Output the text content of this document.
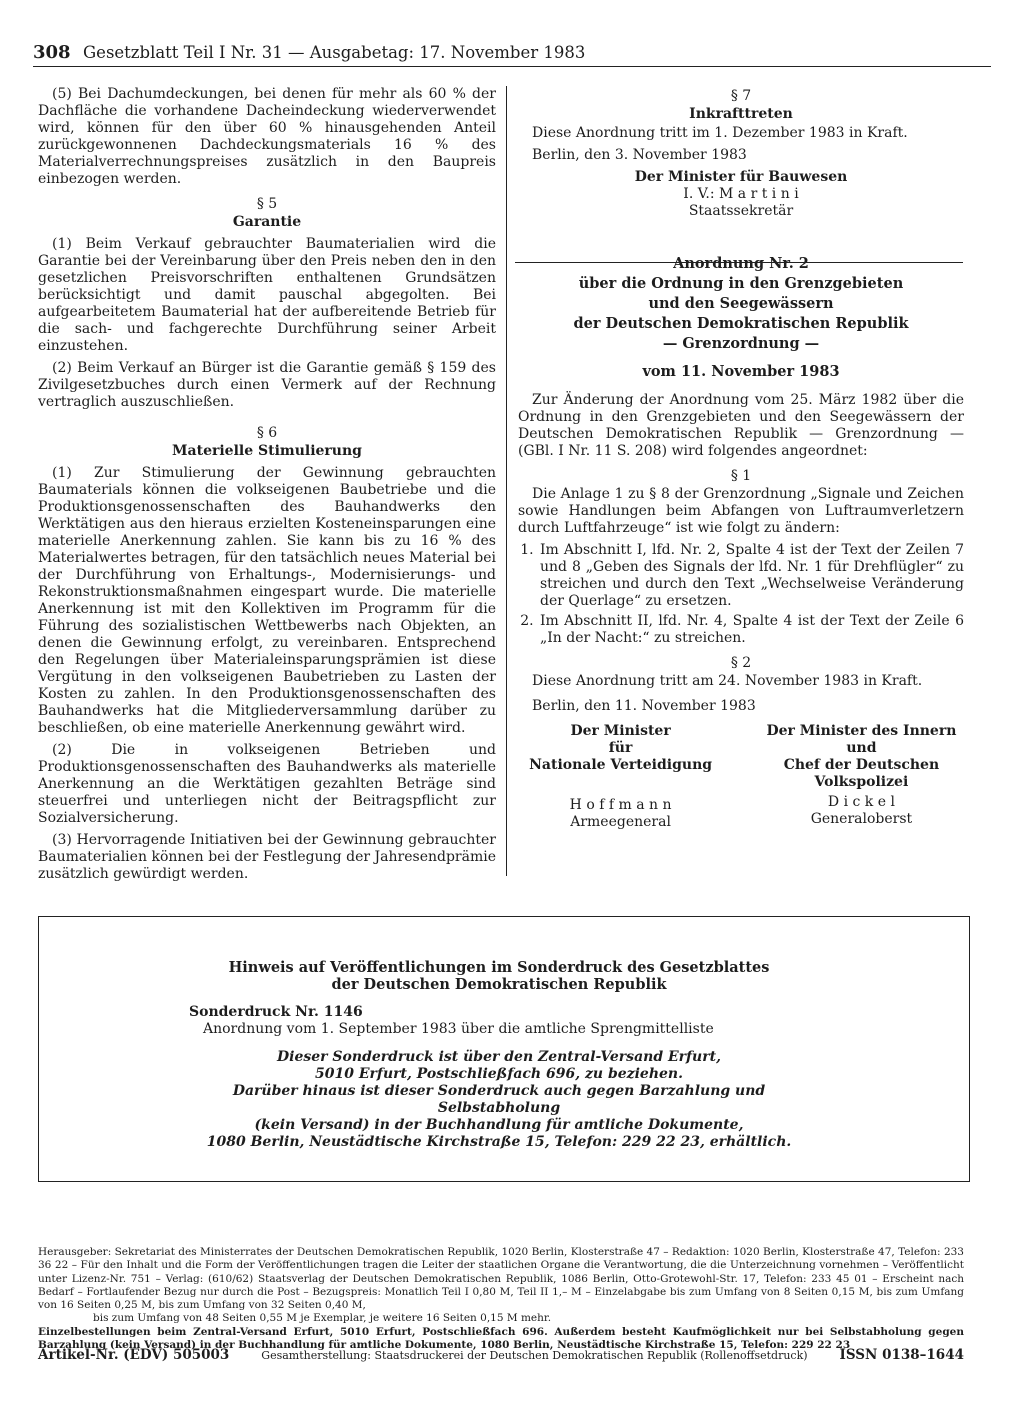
308 Gesetzblatt Teil I Nr. 31 — Ausgabetag: 17. November 1983

(5) Bei Dachumdeckungen, bei denen für mehr als 60 % der Dachfläche die vorhandene Dacheindeckung wiederverwendet wird, können für den über 60 % hinausgehenden Anteil zurückgewonnenen Dachdeckungsmaterials 16 % des Materialverrechnungspreises zusätzlich in den Baupreis einbezogen werden.

§ 5
Garantie

(1) Beim Verkauf gebrauchter Baumaterialien wird die Garantie bei der Vereinbarung über den Preis neben den in den gesetzlichen Preisvorschriften enthaltenen Grundsätzen berücksichtigt und damit pauschal abgegolten. Bei aufgearbeitetem Baumaterial hat der aufbereitende Betrieb für die sach- und fachgerechte Durchführung seiner Arbeit einzustehen.

(2) Beim Verkauf an Bürger ist die Garantie gemäß § 159 des Zivilgesetzbuches durch einen Vermerk auf der Rechnung vertraglich auszuschließen.

§ 6
Materielle Stimulierung

(1) Zur Stimulierung der Gewinnung gebrauchten Baumaterials können die volkseigenen Baubetriebe und die Produktionsgenossenschaften des Bauhandwerks den Werktätigen aus den hieraus erzielten Kosteneinsparungen eine materielle Anerkennung zahlen. Sie kann bis zu 16 % des Materialwertes betragen, für den tatsächlich neues Material bei der Durchführung von Erhaltungs-, Modernisierungs- und Rekonstruktionsmaßnahmen eingespart wurde. Die materielle Anerkennung ist mit den Kollektiven im Programm für die Führung des sozialistischen Wettbewerbs nach Objekten, an denen die Gewinnung erfolgt, zu vereinbaren. Entsprechend den Regelungen über Materialeinsparungsprämien ist diese Vergütung in den volkseigenen Baubetrieben zu Lasten der Kosten zu zahlen. In den Produktionsgenossenschaften des Bauhandwerks hat die Mitgliederversammlung darüber zu beschließen, ob eine materielle Anerkennung gewährt wird.

(2) Die in volkseigenen Betrieben und Produktionsgenossenschaften des Bauhandwerks als materielle Anerkennung an die Werktätigen gezahlten Beträge sind steuerfrei und unterliegen nicht der Beitragspflicht zur Sozialversicherung.

(3) Hervorragende Initiativen bei der Gewinnung gebrauchter Baumaterialien können bei der Festlegung der Jahresendprämie zusätzlich gewürdigt werden.

§ 7
Inkrafttreten

Diese Anordnung tritt im 1. Dezember 1983 in Kraft.

Berlin, den 3. November 1983

Der Minister für Bauwesen
I. V.: M a r t i n i
Staatssekretär
Anordnung Nr. 2
über die Ordnung in den Grenzgebieten
und den Seegewässern
der Deutschen Demokratischen Republik
— Grenzordnung —
vom 11. November 1983

Zur Änderung der Anordnung vom 25. März 1982 über die Ordnung in den Grenzgebieten und den Seegewässern der Deutschen Demokratischen Republik — Grenzordnung — (GBl. I Nr. 11 S. 208) wird folgendes angeordnet:

§ 1

Die Anlage 1 zu § 8 der Grenzordnung „Signale und Zeichen sowie Handlungen beim Abfangen von Luftraumverletzern durch Luftfahrzeuge“ ist wie folgt zu ändern:

1. Im Abschnitt I, lfd. Nr. 2, Spalte 4 ist der Text der Zeilen 7 und 8 „Geben des Signals der lfd. Nr. 1 für Drehflügler“ zu streichen und durch den Text „Wechselweise Veränderung der Querlage“ zu ersetzen.
2. Im Abschnitt II, lfd. Nr. 4, Spalte 4 ist der Text der Zeile 6 „In der Nacht:“ zu streichen.
§ 2

Diese Anordnung tritt am 24. November 1983 in Kraft.

Berlin, den 11. November 1983

Der Minister
für
Nationale Verteidigung
H o f f m a n n
Armeegeneral
Der Minister des Innern
und
Chef der Deutschen
Volkspolizei
D i c k e l
Generaloberst
Hinweis auf Veröffentlichungen im Sonderdruck des Gesetzblattes
der Deutschen Demokratischen Republik
Sonderdruck Nr. 1146
Anordnung vom 1. September 1983 über die amtliche Sprengmittelliste
Dieser Sonderdruck ist über den Zentral-Versand Erfurt,
5010 Erfurt, Postschließfach 696, zu beziehen.
Darüber hinaus ist dieser Sonderdruck auch gegen Barzahlung und Selbstabholung
(kein Versand) in der Buchhandlung für amtliche Dokumente,
1080 Berlin, Neustädtische Kirchstraße 15, Telefon: 229 22 23, erhältlich.
Herausgeber: Sekretariat des Ministerrates der Deutschen Demokratischen Republik, 1020 Berlin, Klosterstraße 47 – Redaktion: 1020 Berlin, Klosterstraße 47, Telefon: 233 36 22 – Für den Inhalt und die Form der Veröffentlichungen tragen die Leiter der staatlichen Organe die Verantwortung, die die Unterzeichnung vornehmen – Veröffentlicht unter Lizenz-Nr. 751 – Verlag: (610/62) Staatsverlag der Deutschen Demokratischen Republik, 1086 Berlin, Otto-Grotewohl-Str. 17, Telefon: 233 45 01 – Erscheint nach Bedarf – Fortlaufender Bezug nur durch die Post – Bezugspreis: Monatlich Teil I 0,80 M, Teil II 1,– M – Einzelabgabe bis zum Umfang von 8 Seiten 0,15 M, bis zum Umfang von 16 Seiten 0,25 M, bis zum Umfang von 32 Seiten 0,40 M,
bis zum Umfang von 48 Seiten 0,55 M je Exemplar, je weitere 16 Seiten 0,15 M mehr.
Einzelbestellungen beim Zentral-Versand Erfurt, 5010 Erfurt, Postschließfach 696. Außerdem besteht Kaufmöglichkeit nur bei Selbstabholung gegen Barzahlung (kein Versand) in der Buchhandlung für amtliche Dokumente, 1080 Berlin, Neustädtische Kirchstraße 15, Telefon: 229 22 23
Artikel-Nr. (EDV) 505003	Gesamtherstellung: Staatsdruckerei der Deutschen Demokratischen Republik (Rollenoffsetdruck) ISSN 0138–1644
